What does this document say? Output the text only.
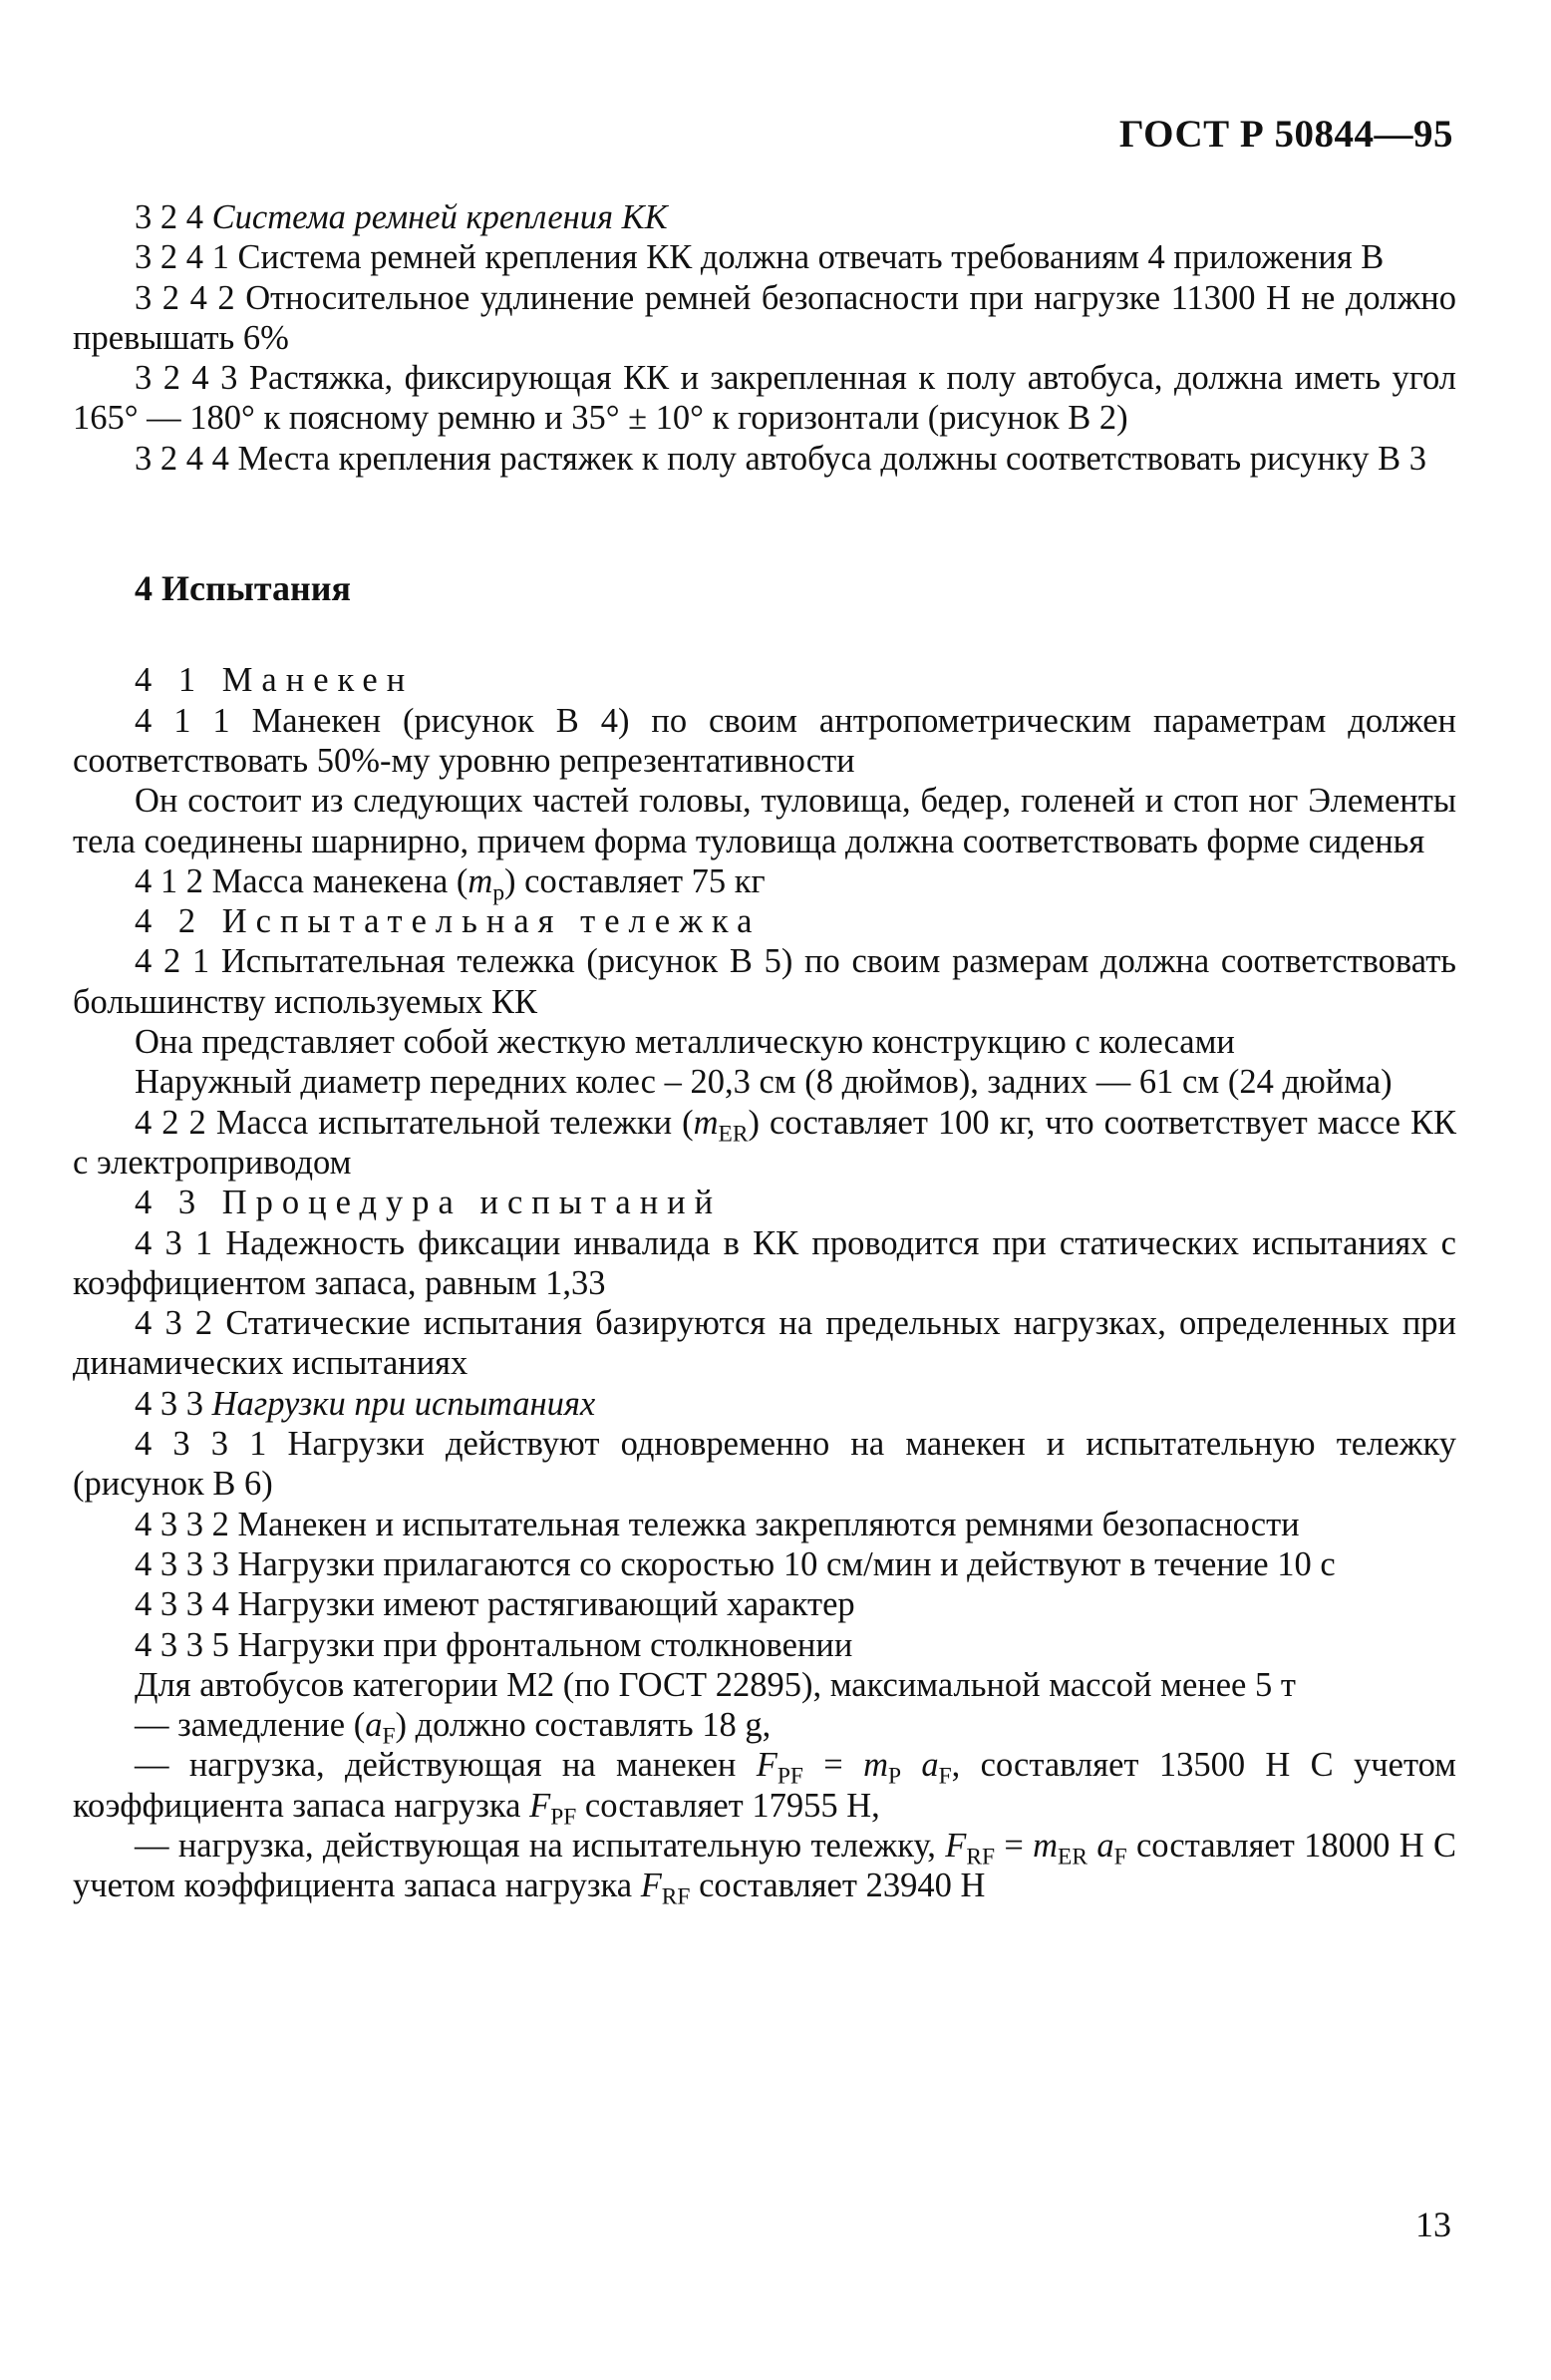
ГОСТ Р 50844—95

3 2 4 Система ремней крепления КК

3 2 4 1 Система ремней крепления КК должна отвечать требованиям 4 приложения В

3 2 4 2 Относительное удлинение ремней безопасности при нагрузке 11300 Н не должно превышать 6%

3 2 4 3 Растяжка, фиксирующая КК и закрепленная к полу автобуса, должна иметь угол 165° — 180° к поясному ремню и 35° ± 10° к горизонтали (рисунок В 2)

3 2 4 4 Места крепления растяжек к полу автобуса должны соответствовать рисунку В 3

4 Испытания

4 1 Манекен

4 1 1 Манекен (рисунок В 4) по своим антропометрическим параметрам должен соответствовать 50%-му уровню репрезентативности

Он состоит из следующих частей головы, туловища, бедер, голеней и стоп ног Элементы тела соединены шарнирно, причем форма туловища должна соответствовать форме сиденья

4 1 2 Масса манекена $(m_p)$ составляет 75 кг

4 2 Испытательная тележка

4 2 1 Испытательная тележка (рисунок В 5) по своим размерам должна соответствовать большинству используемых КК

Она представляет собой жесткую металлическую конструкцию с колесами

Наружный диаметр передних колес – 20,3 см (8 дюймов), задних — 61 см (24 дюйма)

4 2 2 Масса испытательной тележки $(m_{ER})$ составляет 100 кг, что соответствует массе КК с электроприводом

4 3 Процедура испытаний

4 3 1 Надежность фиксации инвалида в КК проводится при статических испытаниях с коэффициентом запаса, равным 1,33

4 3 2 Статические испытания базируются на предельных нагрузках, определенных при динамических испытаниях

4 3 3 Нагрузки при испытаниях

4 3 3 1 Нагрузки действуют одновременно на манекен и испытательную тележку (рисунок В 6)

4 3 3 2 Манекен и испытательная тележка закрепляются ремнями безопасности

4 3 3 3 Нагрузки прилагаются со скоростью 10 см/мин и действуют в течение 10 с

4 3 3 4 Нагрузки имеют растягивающий характер

4 3 3 5 Нагрузки при фронтальном столкновении

Для автобусов категории М2 (по ГОСТ 22895), максимальной массой менее 5 т

— замедление $(a_F)$ должно составлять 18 g,

— нагрузка, действующая на манекен $F_{PF} = m_P$ $a_F$, составляет 13500 Н С учетом коэффициента запаса нагрузка $F_{PF}$ составляет 17955 Н,

— нагрузка, действующая на испытательную тележку, $F_{RF} = m_{ER}$ $a_F$ составляет 18000 Н С учетом коэффициента запаса нагрузка $F_{RF}$ составляет 23940 Н

13
